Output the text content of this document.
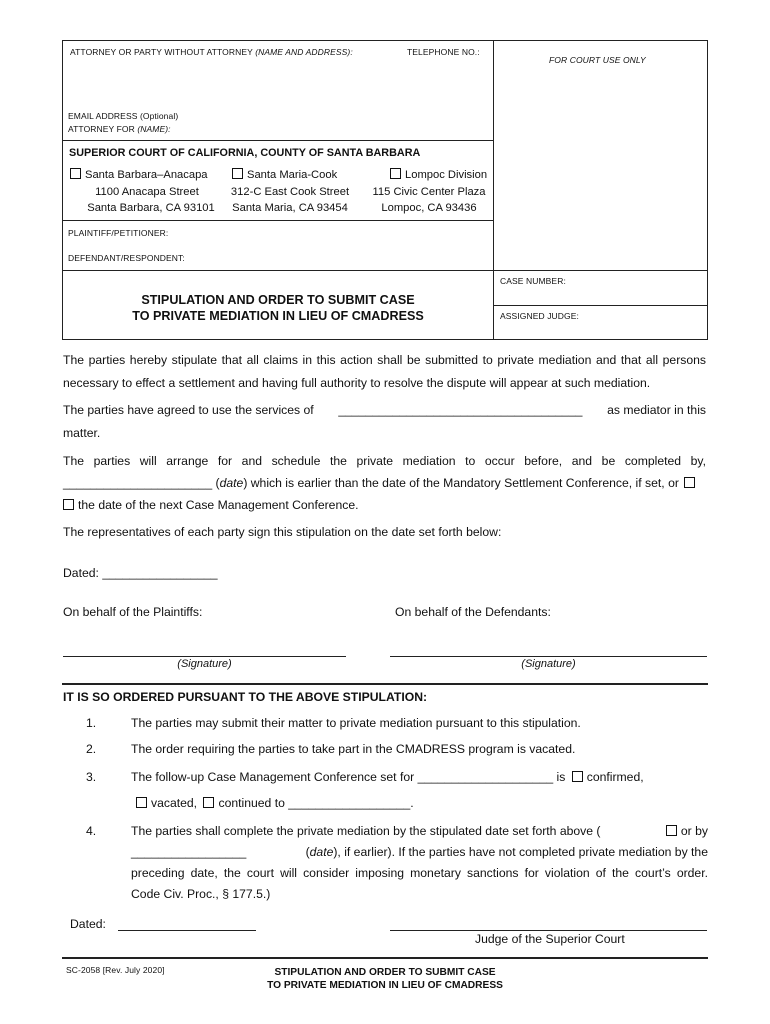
ATTORNEY OR PARTY WITHOUT ATTORNEY (NAME AND ADDRESS):	TELEPHONE NO.:
FOR COURT USE ONLY
EMAIL ADDRESS (Optional)
ATTORNEY FOR (NAME):
SUPERIOR COURT OF CALIFORNIA, COUNTY OF SANTA BARBARA
Santa Barbara–Anacapa
1100 Anacapa Street
Santa Barbara, CA 93101
Santa Maria-Cook
312-C East Cook Street
Santa Maria, CA 93454
Lompoc Division
115 Civic Center Plaza
Lompoc, CA 93436
PLAINTIFF/PETITIONER:
DEFENDANT/RESPONDENT:
STIPULATION AND ORDER TO SUBMIT CASE
TO PRIVATE MEDIATION IN LIEU OF CMADRESS
CASE NUMBER:
ASSIGNED JUDGE:
The parties hereby stipulate that all claims in this action shall be submitted to private mediation and that all persons
necessary to effect a settlement and having full authority to resolve the dispute will appear at such mediation.
The parties have agreed to use the services of ____________________________________ as mediator in this
matter.
The parties will arrange for and schedule the private mediation to occur before, and be completed by,
______________________ (date) which is earlier than the date of the Mandatory Settlement Conference, if set, or
the date of the next Case Management Conference.
The representatives of each party sign this stipulation on the date set forth below:
Dated: _________________
On behalf of the Plaintiffs:	On behalf of the Defendants:
(Signature)	(Signature)
IT IS SO ORDERED PURSUANT TO THE ABOVE STIPULATION:
1.	The parties may submit their matter to private mediation pursuant to this stipulation.
2.	The order requiring the parties to take part in the CMADRESS program is vacated.
3.	The follow-up Case Management Conference set for ____________________ is confirmed,
vacated, continued to __________________.
4.	The parties shall complete the private mediation by the stipulated date set forth above (	or by
_________________	(date), if earlier). If the parties have not completed private mediation by the
preceding date, the court will consider imposing monetary sanctions for violation of the court’s order.
Code Civ. Proc., § 177.5.)
Dated:
Judge of the Superior Court
SC-2058 [Rev. July 2020]	STIPULATION AND ORDER TO SUBMIT CASE
TO PRIVATE MEDIATION IN LIEU OF CMADRESS
